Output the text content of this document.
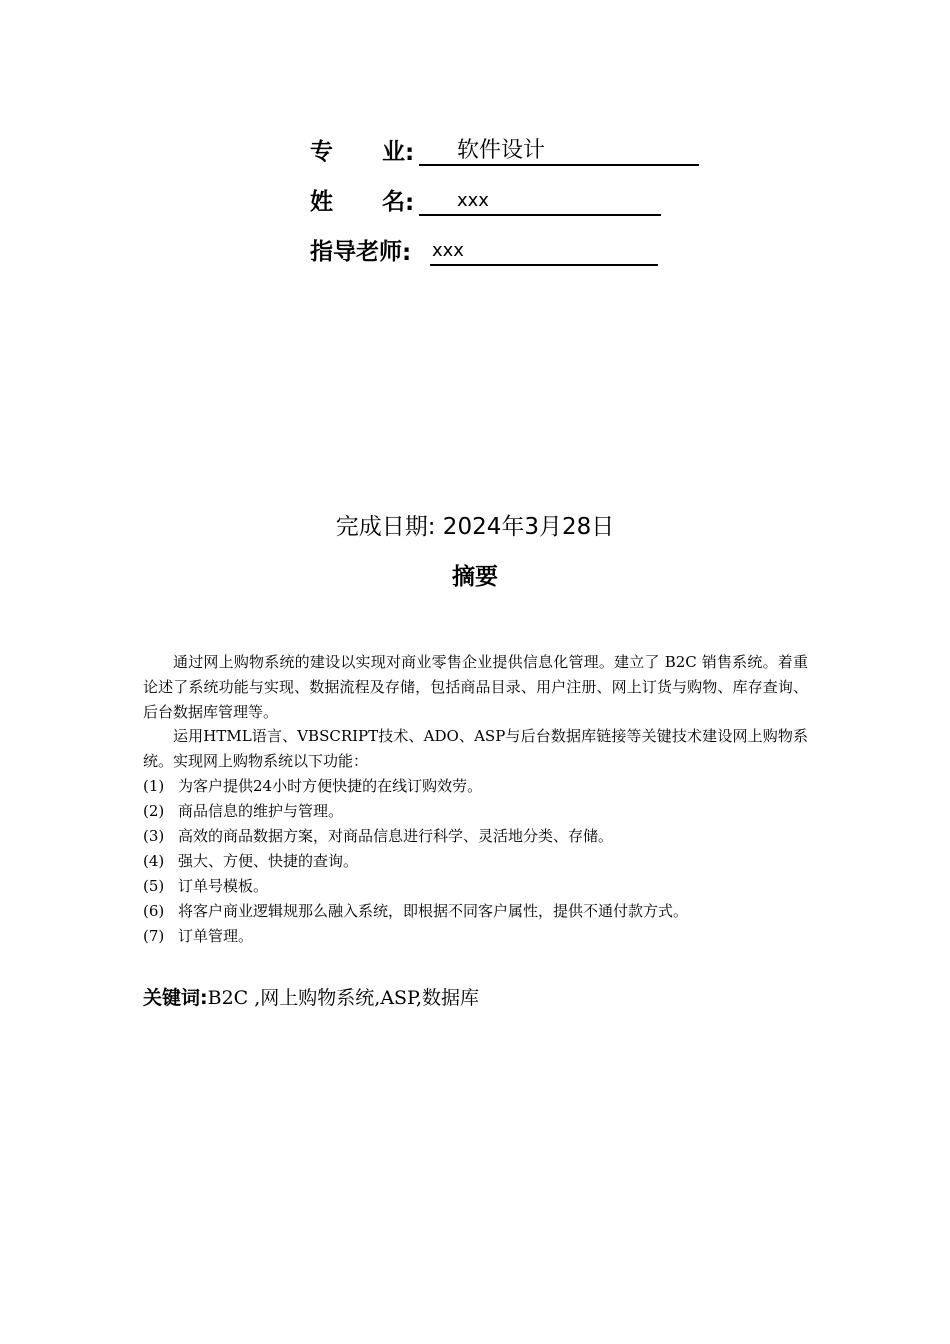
专 业 :	软件设计
姓 名 :	xxx
指导老师 : xxx
完成日期: 2024年3月28日
摘要

通过网上购物系统的建设以实现对商业零售企业提供信息化管理。建立了 B2C 销售系统。着重论述了系统功能与实现、数据流程及存储，包括商品目录、用户注册、网上订货与购物、库存查询、后台数据库管理等。

运用HTML语言、VBSCRIPT技术、ADO、ASP与后台数据库链接等关键技术建设网上购物系统。实现网上购物系统以下功能：

(1) 为客户提供24小时方便快捷的在线订购效劳。
(2) 商品信息的维护与管理。
(3) 高效的商品数据方案，对商品信息进行科学、灵活地分类、存储。
(4) 强大、方便、快捷的查询。
(5) 订单号模板。
(6) 将客户商业逻辑规那么融入系统，即根据不同客户属性，提供不通付款方式。
(7) 订单管理。
关键词:B2C ,网上购物系统,ASP,数据库
